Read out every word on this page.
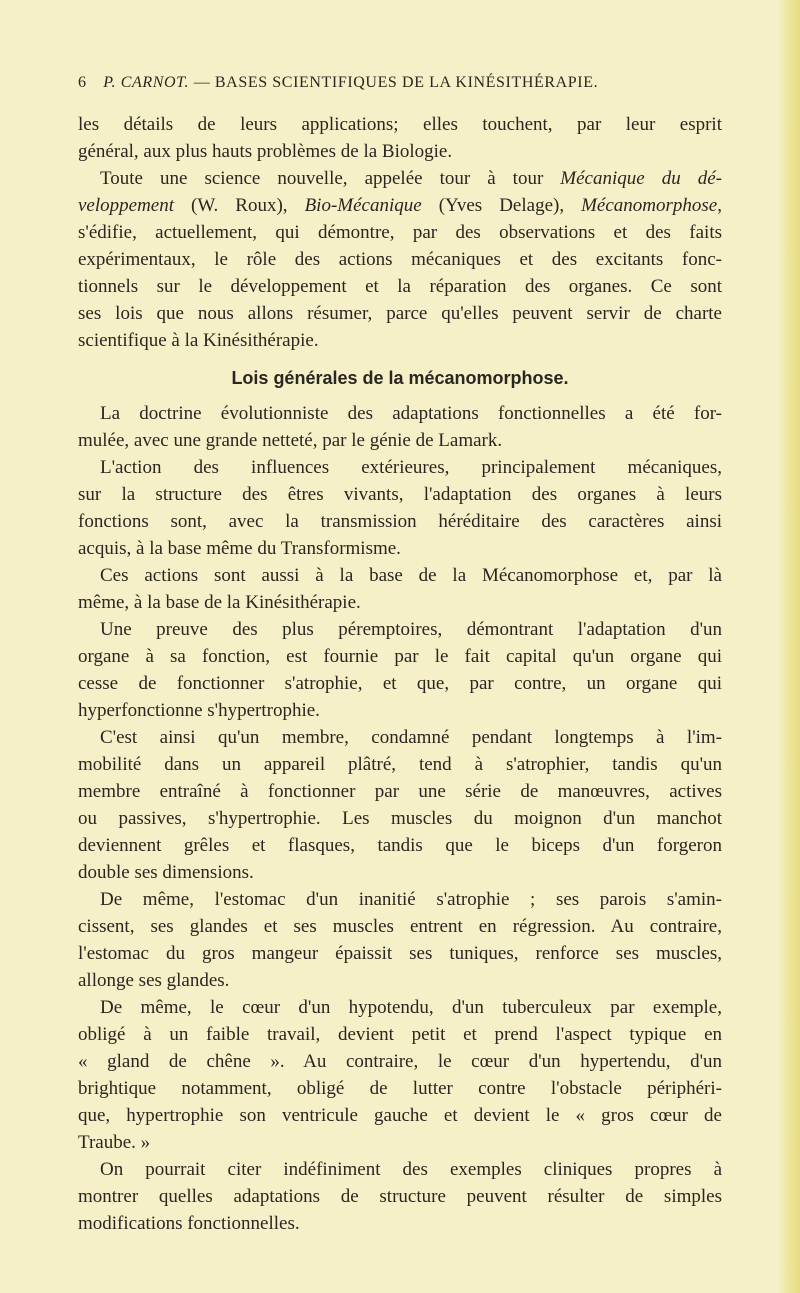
6 P. CARNOT. — BASES SCIENTIFIQUES DE LA KINÉSITHÉRAPIE.
les détails de leurs applications; elles touchent, par leur esprit
général, aux plus hauts problèmes de la Biologie.
Toute une science nouvelle, appelée tour à tour Mécanique du dé-
veloppement (W. Roux), Bio-Mécanique (Yves Delage), Mécanomorphose,
s'édifie, actuellement, qui démontre, par des observations et des faits
expérimentaux, le rôle des actions mécaniques et des excitants fonc-
tionnels sur le développement et la réparation des organes. Ce sont
ses lois que nous allons résumer, parce qu'elles peuvent servir de charte
scientifique à la Kinésithérapie.
Lois générales de la mécanomorphose.
La doctrine évolutionniste des adaptations fonctionnelles a été for-
mulée, avec une grande netteté, par le génie de Lamark.
L'action des influences extérieures, principalement mécaniques,
sur la structure des êtres vivants, l'adaptation des organes à leurs
fonctions sont, avec la transmission héréditaire des caractères ainsi
acquis, à la base même du Transformisme.
Ces actions sont aussi à la base de la Mécanomorphose et, par là
même, à la base de la Kinésithérapie.
Une preuve des plus péremptoires, démontrant l'adaptation d'un
organe à sa fonction, est fournie par le fait capital qu'un organe qui
cesse de fonctionner s'atrophie, et que, par contre, un organe qui
hyperfonctionne s'hypertrophie.
C'est ainsi qu'un membre, condamné pendant longtemps à l'im-
mobilité dans un appareil plâtré, tend à s'atrophier, tandis qu'un
membre entraîné à fonctionner par une série de manœuvres, actives
ou passives, s'hypertrophie. Les muscles du moignon d'un manchot
deviennent grêles et flasques, tandis que le biceps d'un forgeron
double ses dimensions.
De même, l'estomac d'un inanitié s'atrophie ; ses parois s'amin-
cissent, ses glandes et ses muscles entrent en régression. Au contraire,
l'estomac du gros mangeur épaissit ses tuniques, renforce ses muscles,
allonge ses glandes.
De même, le cœur d'un hypotendu, d'un tuberculeux par exemple,
obligé à un faible travail, devient petit et prend l'aspect typique en
« gland de chêne ». Au contraire, le cœur d'un hypertendu, d'un
brightique notamment, obligé de lutter contre l'obstacle périphéri-
que, hypertrophie son ventricule gauche et devient le « gros cœur de
Traube. »
On pourrait citer indéfiniment des exemples cliniques propres à
montrer quelles adaptations de structure peuvent résulter de simples
modifications fonctionnelles.
